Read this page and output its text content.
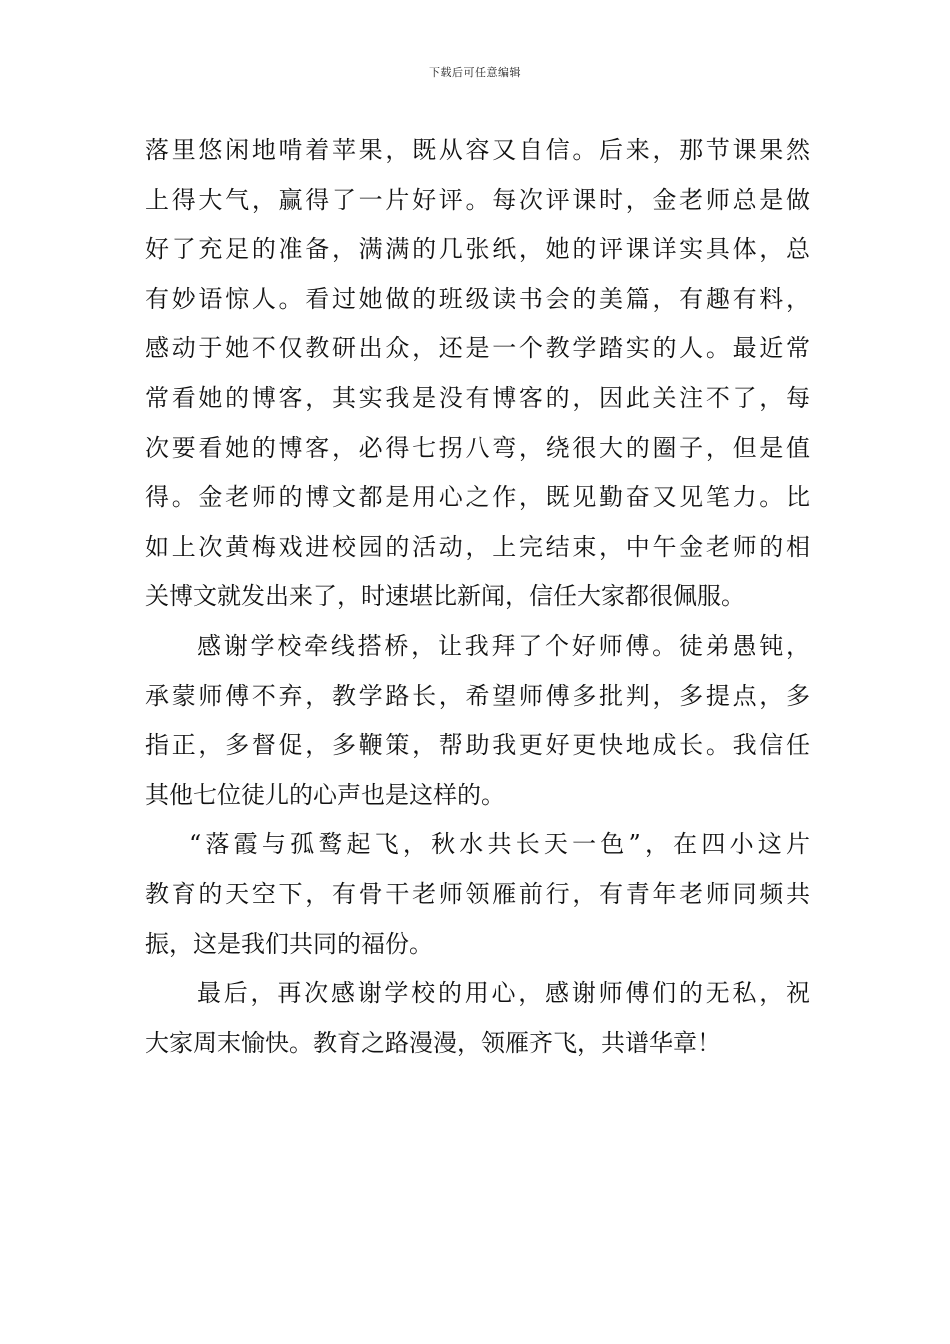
下载后可任意编辑
落里悠闲地啃着苹果，既从容又自信。后来，那节课果然
上得大气，赢得了一片好评。每次评课时，金老师总是做
好了充足的准备，满满的几张纸，她的评课详实具体，总
有妙语惊人。看过她做的班级读书会的美篇，有趣有料，
感动于她不仅教研出众，还是一个教学踏实的人。最近常
常看她的博客，其实我是没有博客的，因此关注不了，每
次要看她的博客，必得七拐八弯，绕很大的圈子，但是值
得。金老师的博文都是用心之作，既见勤奋又见笔力。比
如上次黄梅戏进校园的活动，上完结束，中午金老师的相
关博文就发出来了，时速堪比新闻，信任大家都很佩服。
感谢学校牵线搭桥，让我拜了个好师傅。徒弟愚钝，
承蒙师傅不弃，教学路长，希望师傅多批判，多提点，多
指正，多督促，多鞭策，帮助我更好更快地成长。我信任
其他七位徒儿的心声也是这样的。
“落霞与孤鹜起飞，秋水共长天一色”，在四小这片
教育的天空下，有骨干老师领雁前行，有青年老师同频共
振，这是我们共同的福份。
最后，再次感谢学校的用心，感谢师傅们的无私，祝
大家周末愉快。教育之路漫漫，领雁齐飞，共谱华章！
